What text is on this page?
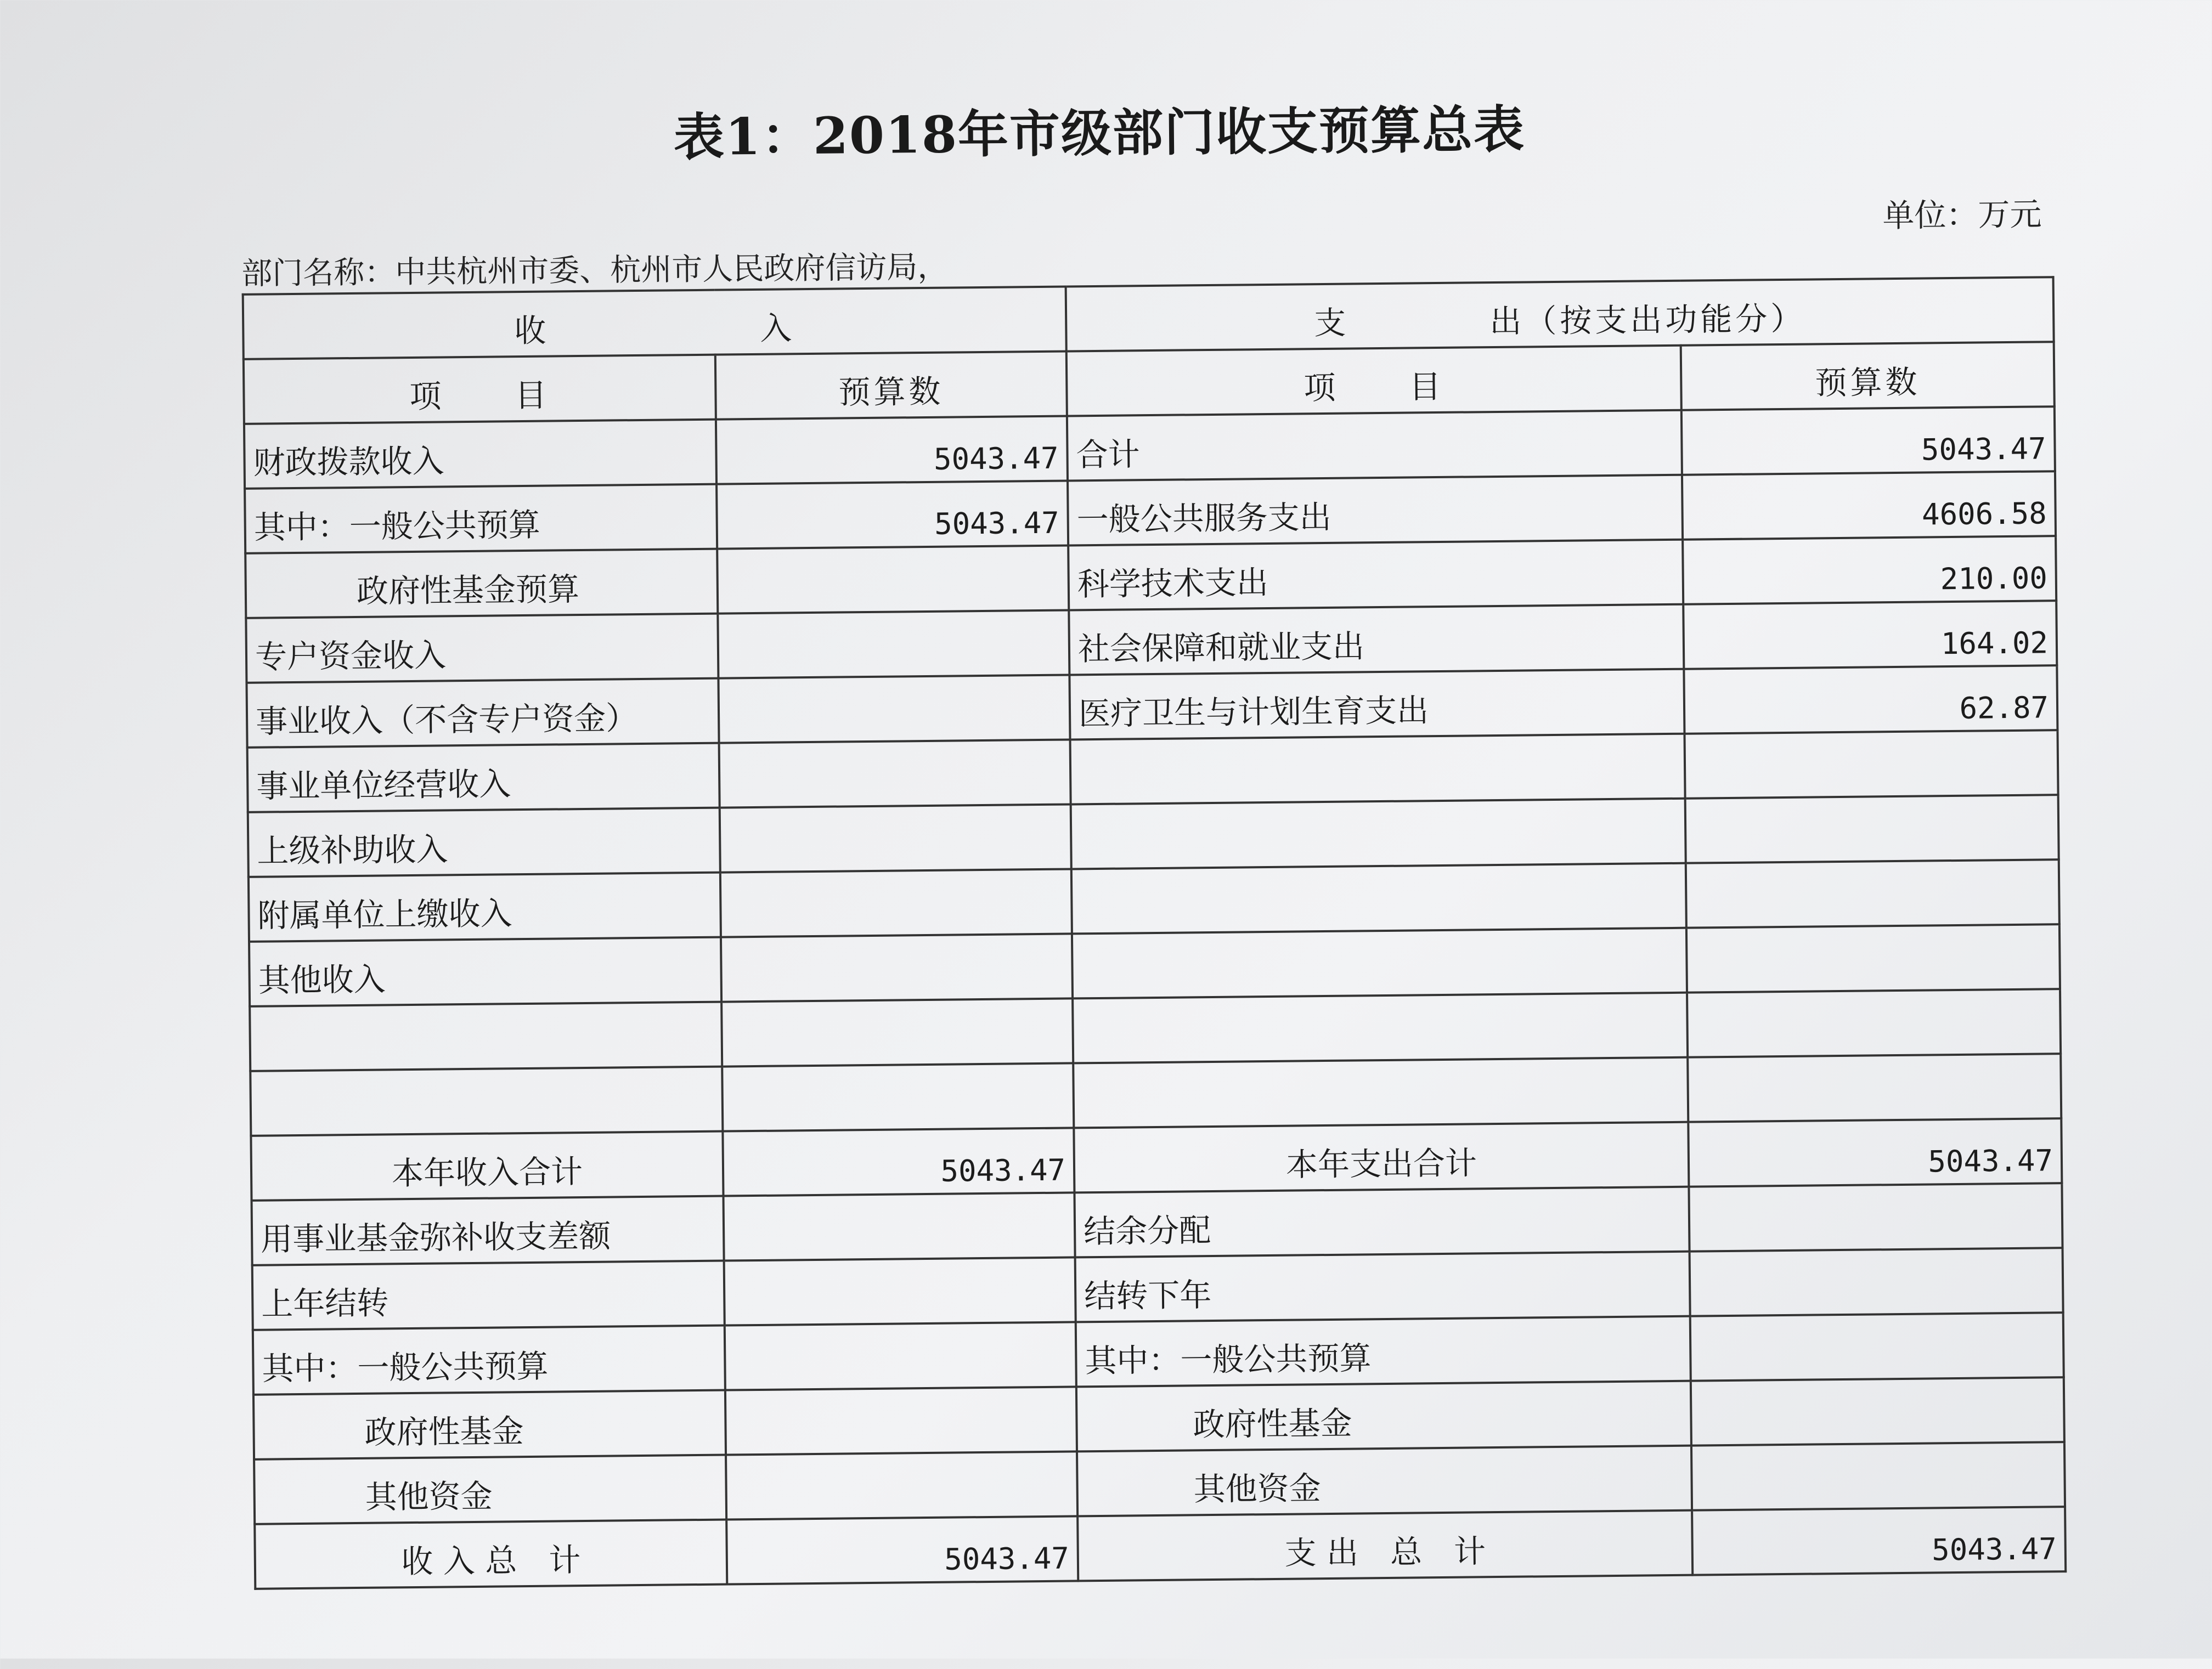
表1：2018年市级部门收支预算总表
单位：万元
部门名称：中共杭州市委、杭州市人民政府信访局，
收　　　　　　入		支　　　　出（按支出功能分）	
项　　目	预算数	项　　目	预算数
财政拨款收入	5043.47	合计	5043.47
其中：一般公共预算	5043.47	一般公共服务支出	4606.58
政府性基金预算		科学技术支出	210.00
专户资金收入		社会保障和就业支出	164.02
事业收入（不含专户资金）		医疗卫生与计划生育支出	62.87
事业单位经营收入			
上级补助收入			
附属单位上缴收入			
其他收入			

本年收入合计	5043.47	本年支出合计	5043.47
用事业基金弥补收支差额		结余分配	
上年结转		结转下年	
其中：一般公共预算		其中：一般公共预算	
政府性基金		政府性基金	
其他资金		其他资金	
收 入 总　计	5043.47	支 出　总　计	5043.47
